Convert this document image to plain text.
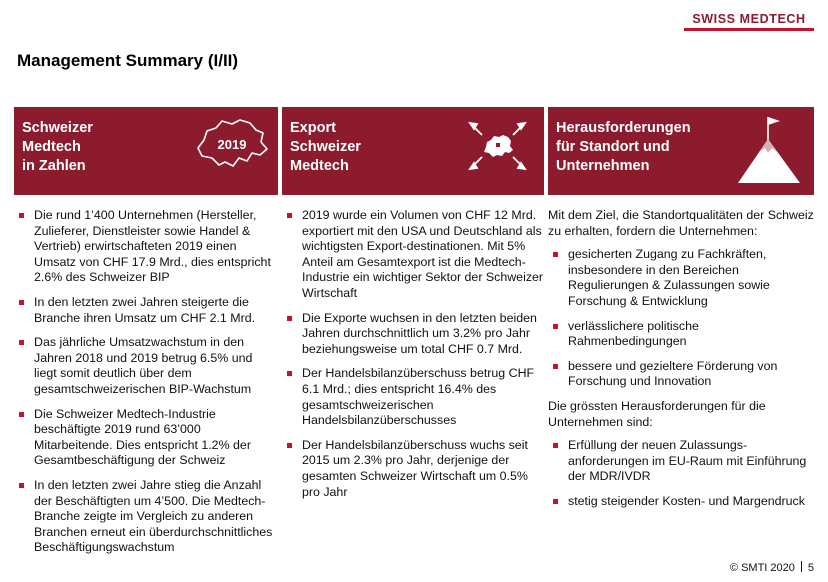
SWISS MEDTECH
Management Summary (I/II)
Schweizer
Medtech
in Zahlen
2019
Die rund 1’400 Unternehmen (Hersteller, Zulieferer, Dienstleister sowie Handel & Vertrieb) erwirtschafteten 2019 einen Umsatz von CHF 17.9 Mrd., dies entspricht 2.6% des Schweizer BIP
In den letzten zwei Jahren steigerte die Branche ihren Umsatz um CHF 2.1 Mrd.
Das jährliche Umsatzwachstum in den Jahren 2018 und 2019 betrug 6.5% und liegt somit deutlich über dem gesamtschweizerischen BIP-Wachstum
Die Schweizer Medtech-Industrie beschäftigte 2019 rund 63’000 Mitarbeitende. Dies entspricht 1.2% der Gesamtbeschäftigung der Schweiz
In den letzten zwei Jahre stieg die Anzahl der Beschäftigten um 4’500. Die Medtech-Branche zeigte im Vergleich zu anderen Branchen erneut ein überdurchschnittliches Beschäftigungswachstum
Export
Schweizer
Medtech
2019 wurde ein Volumen von CHF 12 Mrd. exportiert mit den USA und Deutschland als wichtigsten Export-destinationen. Mit 5% Anteil am Gesamtexport ist die Medtech-Industrie ein wichtiger Sektor der Schweizer Wirtschaft
Die Exporte wuchsen in den letzten beiden Jahren durchschnittlich um 3.2% pro Jahr beziehungsweise um total CHF 0.7 Mrd.
Der Handelsbilanzüberschuss betrug CHF 6.1 Mrd.; dies entspricht 16.4% des gesamtschweizerischen Handelsbilanzüberschusses
Der Handelsbilanzüberschuss wuchs seit 2015 um 2.3% pro Jahr, derjenige der gesamten Schweizer Wirtschaft um 0.5% pro Jahr
Herausforderungen
für Standort und
Unternehmen

Mit dem Ziel, die Standortqualitäten der Schweiz zu erhalten, fordern die Unternehmen:

gesicherten Zugang zu Fachkräften, insbesondere in den Bereichen Regulierungen & Zulassungen sowie Forschung & Entwicklung
verlässlichere politische Rahmenbedingungen
bessere und gezieltere Förderung von Forschung und Innovation

Die grössten Herausforderungen für die Unternehmen sind:

Erfüllung der neuen Zulassungs-anforderungen im EU-Raum mit Einführung der MDR/IVDR
stetig steigender Kosten- und Margendruck
© SMTI 2020 5
